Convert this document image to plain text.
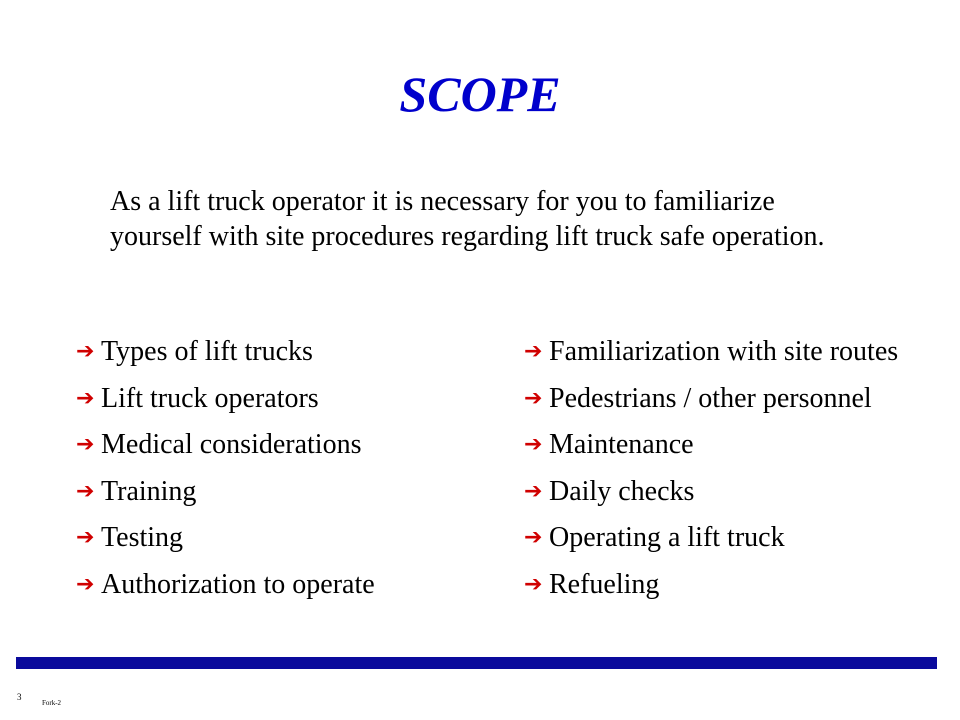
SCOPE
As a lift truck operator it is necessary for you to familiarize
yourself with site procedures regarding lift truck safe operation.
➔ Types of lift trucks
➔ Lift truck operators
➔ Medical considerations
➔ Training
➔ Testing
➔ Authorization to operate
➔ Familiarization with site routes
➔ Pedestrians / other personnel
➔ Maintenance
➔ Daily checks
➔ Operating a lift truck
➔ Refueling
3
Fork-2
